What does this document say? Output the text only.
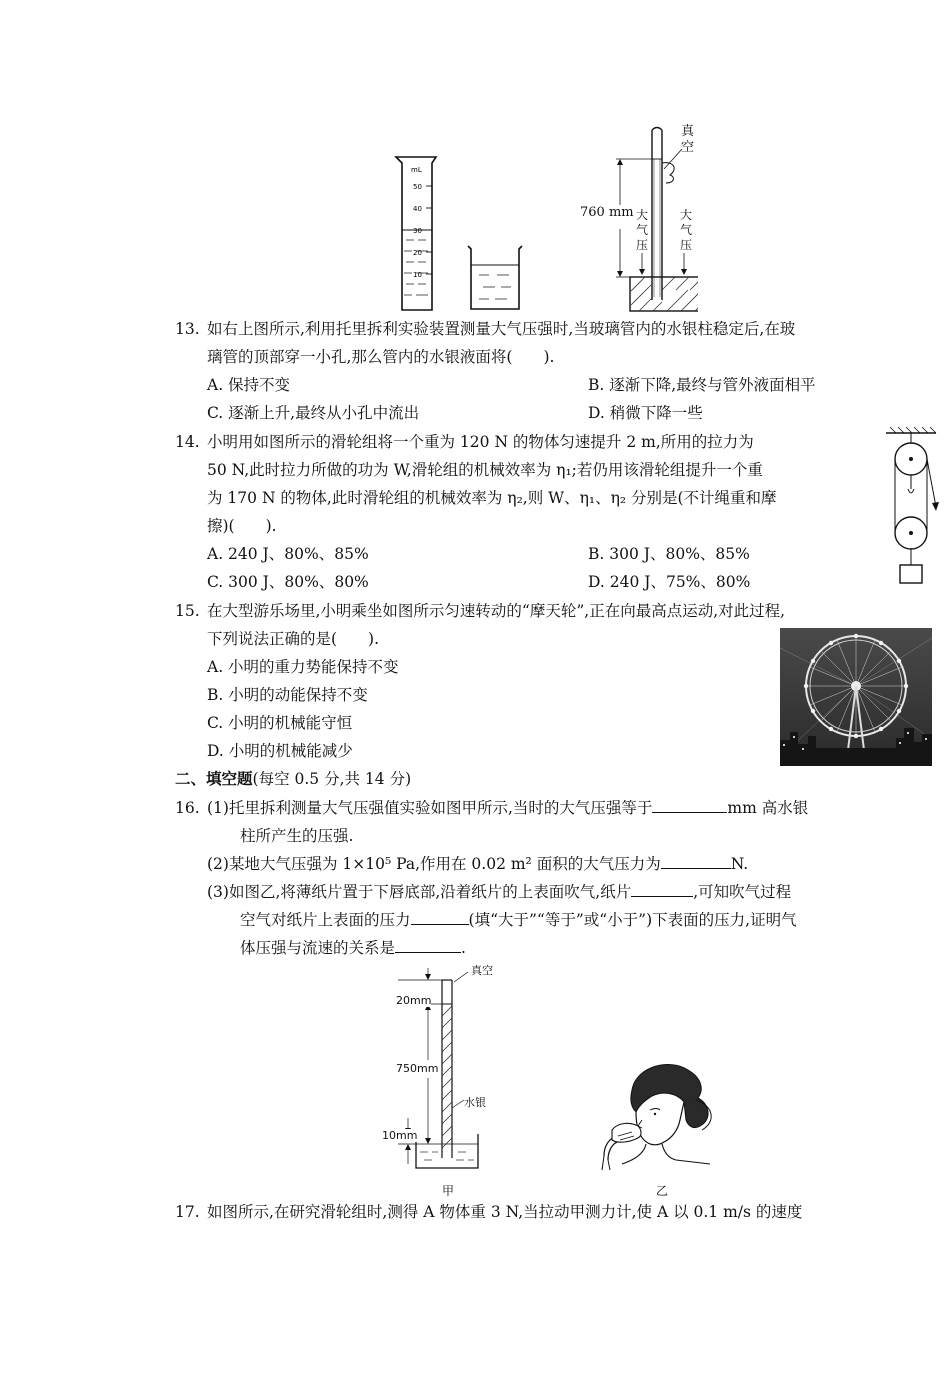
mL
50
40
30
20
10
760 mm
真空
大气压
大气压
13. 如右上图所示,利用托里拆利实验装置测量大气压强时,当玻璃管内的水银柱稳定后,在玻
璃管的顶部穿一小孔,那么管内的水银液面将(　　).
A. 保持不变	B. 逐渐下降,最终与管外液面相平
C. 逐渐上升,最终从小孔中流出	D. 稍微下降一些
14. 小明用如图所示的滑轮组将一个重为 120 N 的物体匀速提升 2 m,所用的拉力为
50 N,此时拉力所做的功为 W,滑轮组的机械效率为 η₁;若仍用该滑轮组提升一个重
为 170 N 的物体,此时滑轮组的机械效率为 η₂,则 W、η₁、η₂ 分别是(不计绳重和摩
擦)(　　).
A. 240 J、80%、85%	B. 300 J、80%、85%
C. 300 J、80%、80%	D. 240 J、75%、80%
15. 在大型游乐场里,小明乘坐如图所示匀速转动的“摩天轮”,正在向最高点运动,对此过程,
下列说法正确的是(　　).
A. 小明的重力势能保持不变
B. 小明的动能保持不变
C. 小明的机械能守恒
D. 小明的机械能减少
二、填空题(每空 0.5 分,共 14 分)
16. (1)托里拆利测量大气压强值实验如图甲所示,当时的大气压强等于	mm 高水银
柱所产生的压强.
(2)某地大气压强为 1×10⁵ Pa,作用在 0.02 m² 面积的大气压力为	N.
(3)如图乙,将薄纸片置于下唇底部,沿着纸片的上表面吹气,纸片	,可知吹气过程
空气对纸片上表面的压力	(填“大于”“等于”或“小于”)下表面的压力,证明气
体压强与流速的关系是	.
20mm
750mm
10mm
真空
水银
甲	乙
17. 如图所示,在研究滑轮组时,测得 A 物体重 3 N,当拉动甲测力计,使 A 以 0.1 m/s 的速度
